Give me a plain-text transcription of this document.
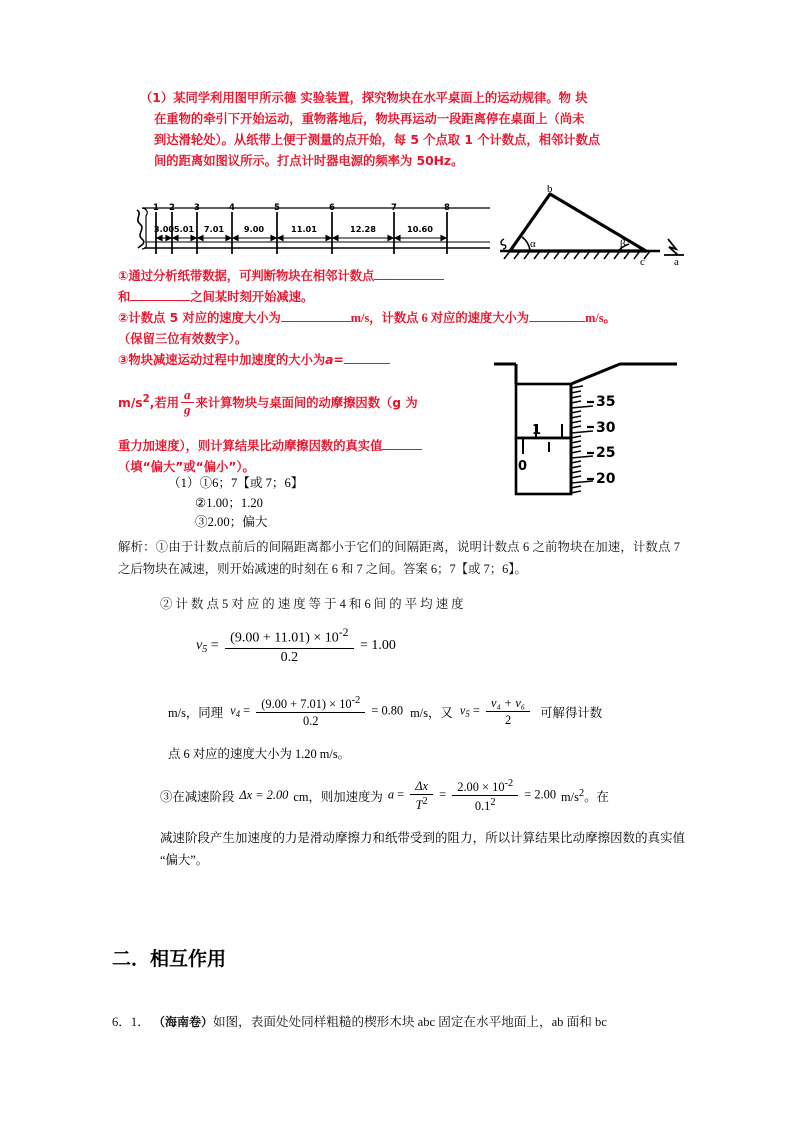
（1）某同学利用图甲所示德 实验装置，探究物块在水平桌面上的运动规律。物 块
在重物的牵引下开始运动，重物落地后，物块再运动一段距离停在桌面上（尚未
到达滑轮处）。从纸带上便于测量的点开始，每 5 个点取 1 个计数点，相邻计数点
间的距离如图议所示。打点计时器电源的频率为 50Hz。
1 2 3	4	5	6	7	8
3.00 5.01 7.01 9.00	11.01	12.28	10.60
b
c	a
α	β
①通过分析纸带数据，可判断物块在相邻计数点
和	之间某时刻开始减速。
②计数点 5 对应的速度大小为	m/s，计数点 6 对应的速度大小为	m/s。
（保留三位有效数字）。
③物块减速运动过程中加速度的大小为a=
$m/s^2$,若用 $\frac{a}{g}$ 来计算物块与桌面间的动摩擦因数（g 为
重力加速度），则计算结果比动摩擦因数的真实值
（填“偏大”或“偏小”）。	0
1
35
30
25
20
（1）①6；7【或 7；6】
②1.00；1.20
③2.00；偏大

解析：①由于计数点前后的间隔距离都小于它们的间隔距离，说明计数点 6 之前物块在加速，计数点 7 之后物块在减速，则开始减速的时刻在 6 和 7 之间。答案 6；7【或 7；6】。

② 计 数 点 5 对 应 的 速 度 等 于 4 和 6 间 的 平 均 速 度
$v_5 = \frac{(9.00 + 11.01) \times 10^{-2}}{0.2} = 1.00$
m/s，同理 $v_4 = \frac{(9.00 + 7.01) \times 10^{-2}}{0.2} = 0.80$ m/s，又 $v_5 = \frac{\text{v₄ + v₆}}{2}$ 可解得计数
点 6 对应的速度大小为 1.20 m/s。
③在减速阶段 Δx = 2.00 cm，则加速度为 $a = \frac{\Delta x}{T^2} = \frac{2.00 \times 10^{-2}}{0.1^2} = 2.00$ $m/s^2$。在
减速阶段产生加速度的力是滑动摩擦力和纸带受到的阻力，所以计算结果比动摩擦因数的真实值 “偏大”。
二．相互作用
6．1． （海南卷）如图，表面处处同样粗糙的楔形木块 abc 固定在水平地面上，ab 面和 bc
